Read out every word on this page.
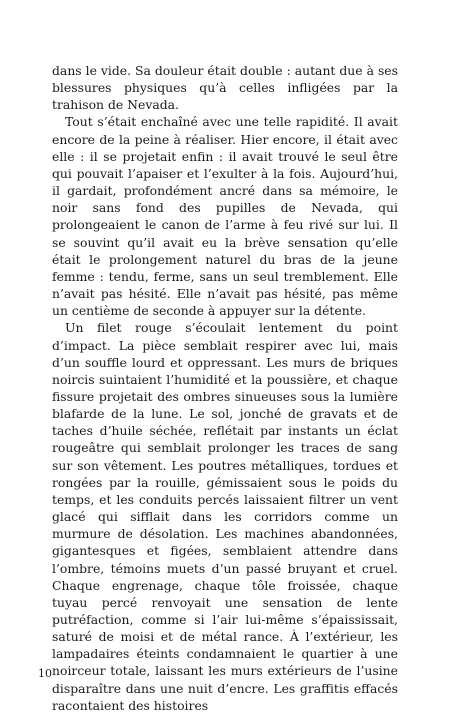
dans le vide. Sa douleur était double : autant due à ses blessures physiques qu’à celles infligées par la trahison de Nevada.

Tout s’était enchaîné avec une telle rapidité. Il avait encore de la peine à réaliser. Hier encore, il était avec elle : il se projetait enfin : il avait trouvé le seul être qui pouvait l’apaiser et l’exulter à la fois. Aujourd’hui, il gardait, profondément ancré dans sa mémoire, le noir sans fond des pupilles de Nevada, qui prolongeaient le canon de l’arme à feu rivé sur lui. Il se souvint qu’il avait eu la brève sensation qu’elle était le prolongement naturel du bras de la jeune femme : tendu, ferme, sans un seul tremblement. Elle n’avait pas hésité. Elle n’avait pas hésité, pas même un centième de seconde à appuyer sur la détente.

Un filet rouge s’écoulait lentement du point d’impact. La pièce semblait respirer avec lui, mais d’un souffle lourd et oppressant. Les murs de briques noircis suintaient l’humidité et la poussière, et chaque fissure projetait des ombres sinueuses sous la lumière blafarde de la lune. Le sol, jonché de gravats et de taches d’huile séchée, reflétait par instants un éclat rougeâtre qui semblait prolonger les traces de sang sur son vêtement. Les poutres métalliques, tordues et rongées par la rouille, gémissaient sous le poids du temps, et les conduits percés laissaient filtrer un vent glacé qui sifflait dans les corridors comme un murmure de désolation. Les machines abandonnées, gigantesques et figées, semblaient attendre dans l’ombre, témoins muets d’un passé bruyant et cruel. Chaque engrenage, chaque tôle froissée, chaque tuyau percé renvoyait une sensation de lente putréfaction, comme si l’air lui-même s’épaississait, saturé de moisi et de métal rance. À l’extérieur, les lampadaires éteints condamnaient le quartier à une noirceur totale, laissant les murs extérieurs de l’usine disparaître dans une nuit d’encre. Les graffitis effacés racontaient des histoires

10
